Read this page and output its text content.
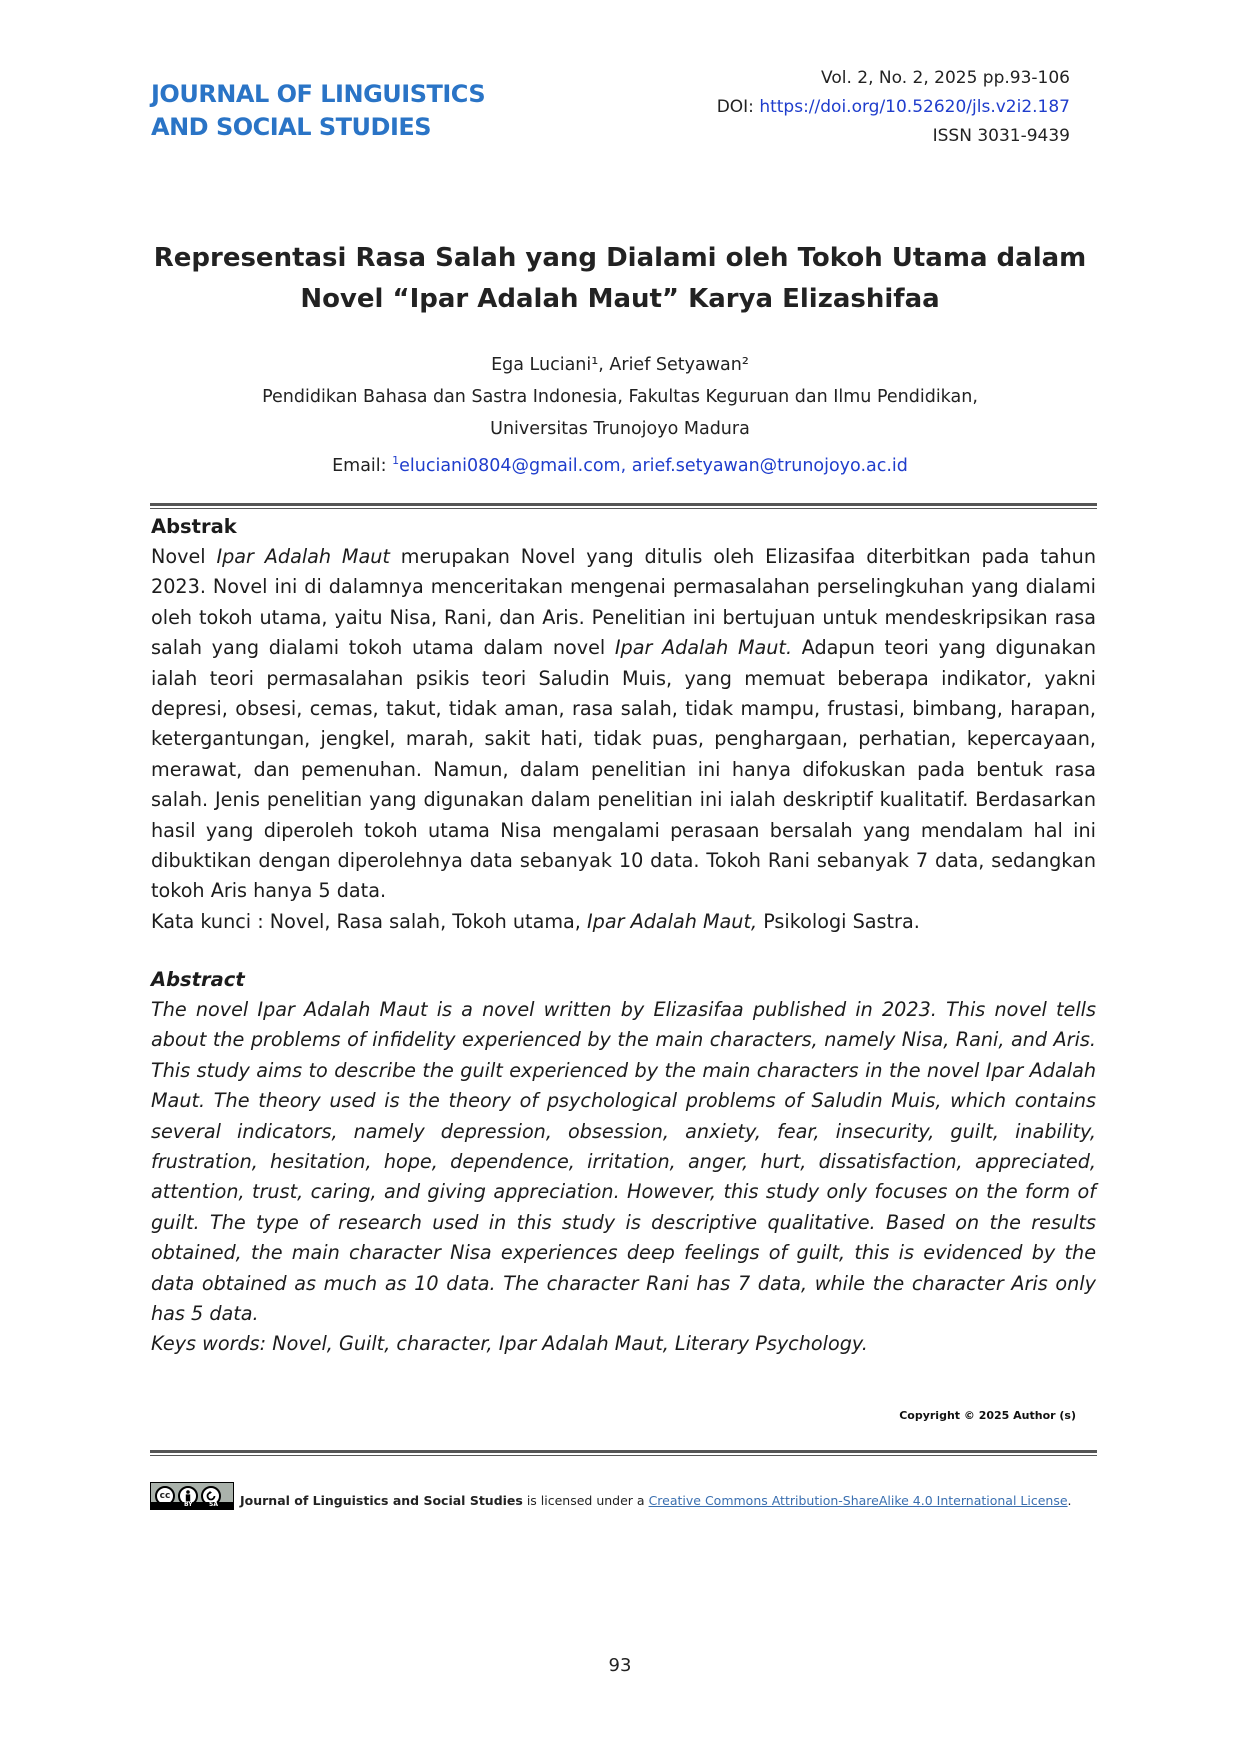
JOURNAL OF LINGUISTICS
AND SOCIAL STUDIES
Vol. 2, No. 2, 2025 pp.93-106
DOI: https://doi.org/10.52620/jls.v2i2.187
ISSN 3031-9439
Representasi Rasa Salah yang Dialami oleh Tokoh Utama dalam
Novel “Ipar Adalah Maut” Karya Elizashifaa
Ega Luciani¹, Arief Setyawan²
Pendidikan Bahasa dan Sastra Indonesia, Fakultas Keguruan dan Ilmu Pendidikan,
Universitas Trunojoyo Madura
Email: $^1$eluciani0804@gmail.com, arief.setyawan@trunojoyo.ac.id
Abstrak

Novel Ipar Adalah Maut merupakan Novel yang ditulis oleh Elizasifaa diterbitkan pada tahun 2023. Novel ini di dalamnya menceritakan mengenai permasalahan perselingkuhan yang dialami oleh tokoh utama, yaitu Nisa, Rani, dan Aris. Penelitian ini bertujuan untuk mendeskripsikan rasa salah yang dialami tokoh utama dalam novel Ipar Adalah Maut. Adapun teori yang digunakan ialah teori permasalahan psikis teori Saludin Muis, yang memuat beberapa indikator, yakni depresi, obsesi, cemas, takut, tidak aman, rasa salah, tidak mampu, frustasi, bimbang, harapan, ketergantungan, jengkel, marah, sakit hati, tidak puas, penghargaan, perhatian, kepercayaan, merawat, dan pemenuhan. Namun, dalam penelitian ini hanya difokuskan pada bentuk rasa salah. Jenis penelitian yang digunakan dalam penelitian ini ialah deskriptif kualitatif. Berdasarkan hasil yang diperoleh tokoh utama Nisa mengalami perasaan bersalah yang mendalam hal ini dibuktikan dengan diperolehnya data sebanyak 10 data. Tokoh Rani sebanyak 7 data, sedangkan tokoh Aris hanya 5 data.

Kata kunci : Novel, Rasa salah, Tokoh utama, Ipar Adalah Maut, Psikologi Sastra.

Abstract

The novel Ipar Adalah Maut is a novel written by Elizasifaa published in 2023. This novel tells about the problems of infidelity experienced by the main characters, namely Nisa, Rani, and Aris. This study aims to describe the guilt experienced by the main characters in the novel Ipar Adalah Maut. The theory used is the theory of psychological problems of Saludin Muis, which contains several indicators, namely depression, obsession, anxiety, fear, insecurity, guilt, inability, frustration, hesitation, hope, dependence, irritation, anger, hurt, dissatisfaction, appreciated, attention, trust, caring, and giving appreciation. However, this study only focuses on the form of guilt. The type of research used in this study is descriptive qualitative. Based on the results obtained, the main character Nisa experiences deep feelings of guilt, this is evidenced by the data obtained as much as 10 data. The character Rani has 7 data, while the character Aris only has 5 data.

Keys words: Novel, Guilt, character, Ipar Adalah Maut, Literary Psychology.

Copyright © 2025 Author (s)
cc
BY	SA Journal of Linguistics and Social Studies is licensed under a Creative Commons Attribution-ShareAlike 4.0 International License.
93
